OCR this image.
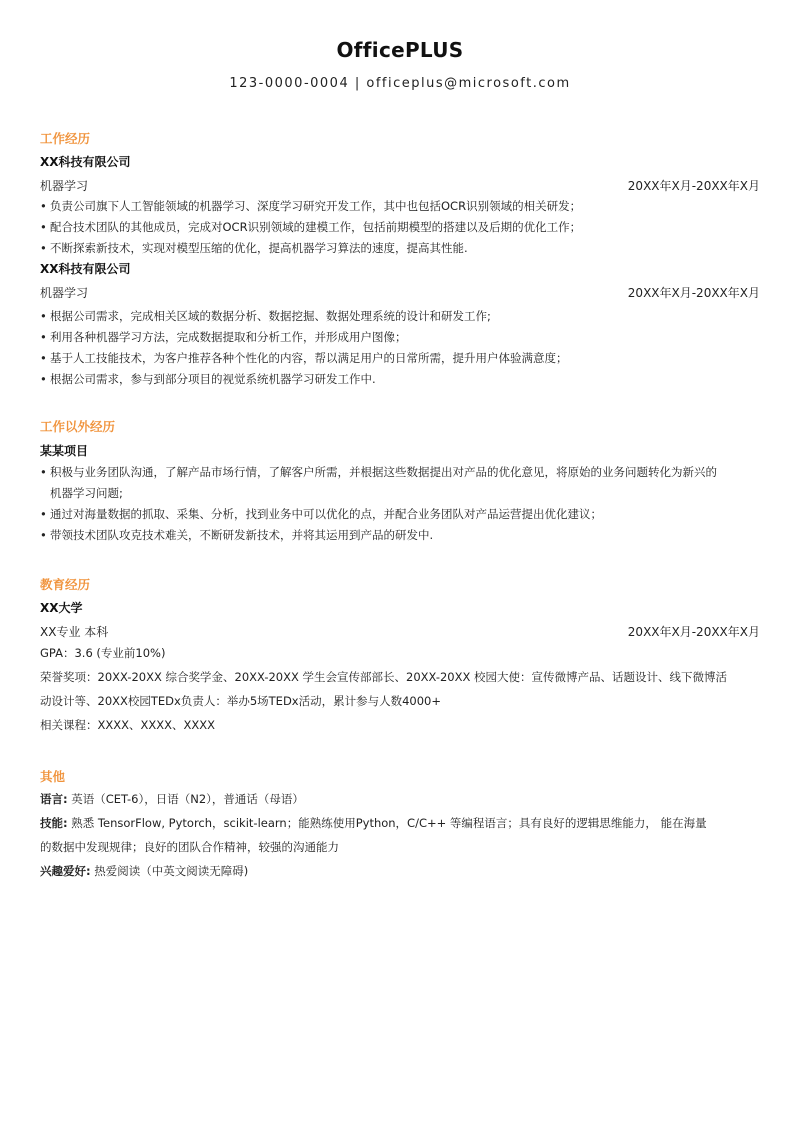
OfficePLUS
123-0000-0004 | officeplus@microsoft.com
工作经历
XX科技有限公司
机器学习	20XX年X月-20XX年X月
• 负责公司旗下人工智能领域的机器学习、深度学习研究开发工作，其中也包括OCR识别领域的相关研发；
• 配合技术团队的其他成员，完成对OCR识别领域的建模工作，包括前期模型的搭建以及后期的优化工作；
• 不断探索新技术，实现对模型压缩的优化，提高机器学习算法的速度，提高其性能.
XX科技有限公司
机器学习	20XX年X月-20XX年X月
• 根据公司需求，完成相关区域的数据分析、数据挖掘、数据处理系统的设计和研发工作;
• 利用各种机器学习方法，完成数据提取和分析工作，并形成用户图像；
• 基于人工技能技术，为客户推荐各种个性化的内容，帮以满足用户的日常所需，提升用户体验满意度；
• 根据公司需求，参与到部分项目的视觉系统机器学习研发工作中.
工作以外经历
某某项目
• 积极与业务团队沟通，了解产品市场行情，了解客户所需，并根据这些数据提出对产品的优化意见，将原始的业务问题转化为新兴的
机器学习问题;
• 通过对海量数据的抓取、采集、分析，找到业务中可以优化的点，并配合业务团队对产品运营提出优化建议；
• 带领技术团队攻克技术难关，不断研发新技术，并将其运用到产品的研发中.
教育经历
XX大学
XX专业 本科	20XX年X月-20XX年X月
GPA：3.6 (专业前10%)
荣誉奖项：20XX-20XX 综合奖学金、20XX-20XX 学生会宣传部部长、20XX-20XX 校园大使：宣传微博产品、话题设计、线下微博活
动设计等、20XX校园TEDx负责人：举办5场TEDx活动，累计参与人数4000+
相关课程：XXXX、XXXX、XXXX
其他
语言: 英语（CET-6），日语（N2），普通话（母语）
技能: 熟悉 TensorFlow, Pytorch，scikit-learn；能熟练使用Python，C/C++ 等编程语言；具有良好的逻辑思维能力， 能在海量
的数据中发现规律；良好的团队合作精神，较强的沟通能力
兴趣爱好: 热爱阅读（中英文阅读无障碍)
